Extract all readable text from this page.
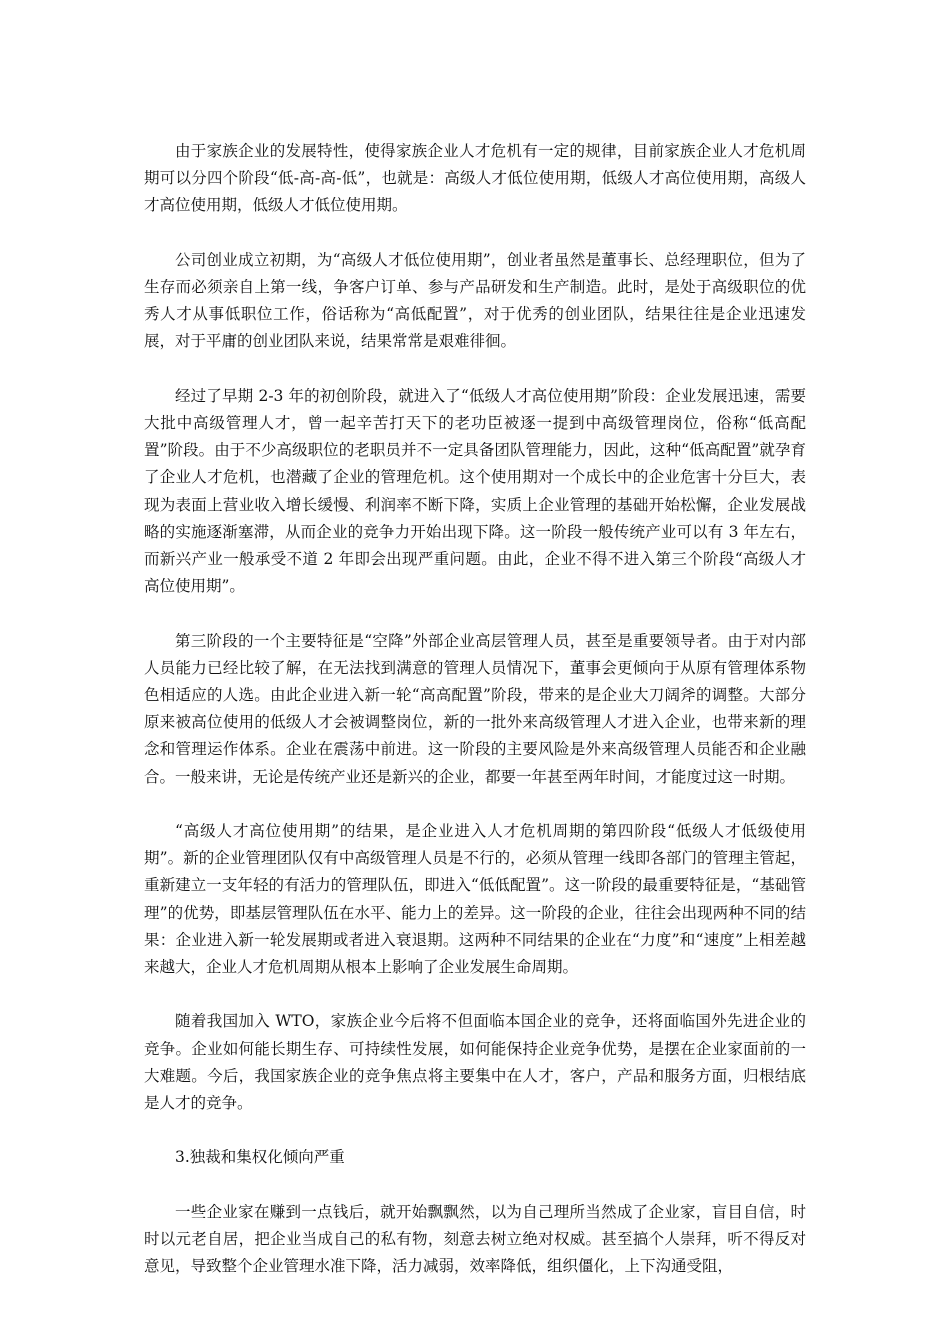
由于家族企业的发展特性，使得家族企业人才危机有一定的规律，目前家族企业人才危机周期可以分四个阶段“低-高-高-低”，也就是：高级人才低位使用期，低级人才高位使用期，高级人才高位使用期，低级人才低位使用期。

公司创业成立初期，为“高级人才低位使用期”，创业者虽然是董事长、总经理职位，但为了生存而必须亲自上第一线，争客户订单、参与产品研发和生产制造。此时，是处于高级职位的优秀人才从事低职位工作，俗话称为“高低配置”，对于优秀的创业团队，结果往往是企业迅速发展，对于平庸的创业团队来说，结果常常是艰难徘徊。

经过了早期 2-3 年的初创阶段，就进入了“低级人才高位使用期”阶段：企业发展迅速，需要大批中高级管理人才，曾一起辛苦打天下的老功臣被逐一提到中高级管理岗位，俗称“低高配置”阶段。由于不少高级职位的老职员并不一定具备团队管理能力，因此，这种“低高配置”就孕育了企业人才危机，也潜藏了企业的管理危机。这个使用期对一个成长中的企业危害十分巨大，表现为表面上营业收入增长缓慢、利润率不断下降，实质上企业管理的基础开始松懈，企业发展战略的实施逐渐塞滞，从而企业的竞争力开始出现下降。这一阶段一般传统产业可以有 3 年左右，而新兴产业一般承受不道 2 年即会出现严重问题。由此，企业不得不进入第三个阶段“高级人才高位使用期”。

第三阶段的一个主要特征是“空降”外部企业高层管理人员，甚至是重要领导者。由于对内部人员能力已经比较了解，在无法找到满意的管理人员情况下，董事会更倾向于从原有管理体系物色相适应的人选。由此企业进入新一轮“高高配置”阶段，带来的是企业大刀阔斧的调整。大部分原来被高位使用的低级人才会被调整岗位，新的一批外来高级管理人才进入企业，也带来新的理念和管理运作体系。企业在震荡中前进。这一阶段的主要风险是外来高级管理人员能否和企业融合。一般来讲，无论是传统产业还是新兴的企业，都要一年甚至两年时间，才能度过这一时期。

“高级人才高位使用期”的结果，是企业进入人才危机周期的第四阶段“低级人才低级使用期”。新的企业管理团队仅有中高级管理人员是不行的，必须从管理一线即各部门的管理主管起，重新建立一支年轻的有活力的管理队伍，即进入“低低配置”。这一阶段的最重要特征是，“基础管理”的优势，即基层管理队伍在水平、能力上的差异。这一阶段的企业，往往会出现两种不同的结果：企业进入新一轮发展期或者进入衰退期。这两种不同结果的企业在“力度”和“速度”上相差越来越大，企业人才危机周期从根本上影响了企业发展生命周期。

随着我国加入 WTO，家族企业今后将不但面临本国企业的竞争，还将面临国外先进企业的竞争。企业如何能长期生存、可持续性发展，如何能保持企业竞争优势，是摆在企业家面前的一大难题。今后，我国家族企业的竞争焦点将主要集中在人才，客户，产品和服务方面，归根结底是人才的竞争。

3.独裁和集权化倾向严重

一些企业家在赚到一点钱后，就开始飘飘然，以为自己理所当然成了企业家，盲目自信，时时以元老自居，把企业当成自己的私有物，刻意去树立绝对权威。甚至搞个人崇拜，听不得反对意见，导致整个企业管理水准下降，活力减弱，效率降低，组织僵化，上下沟通受阻，
